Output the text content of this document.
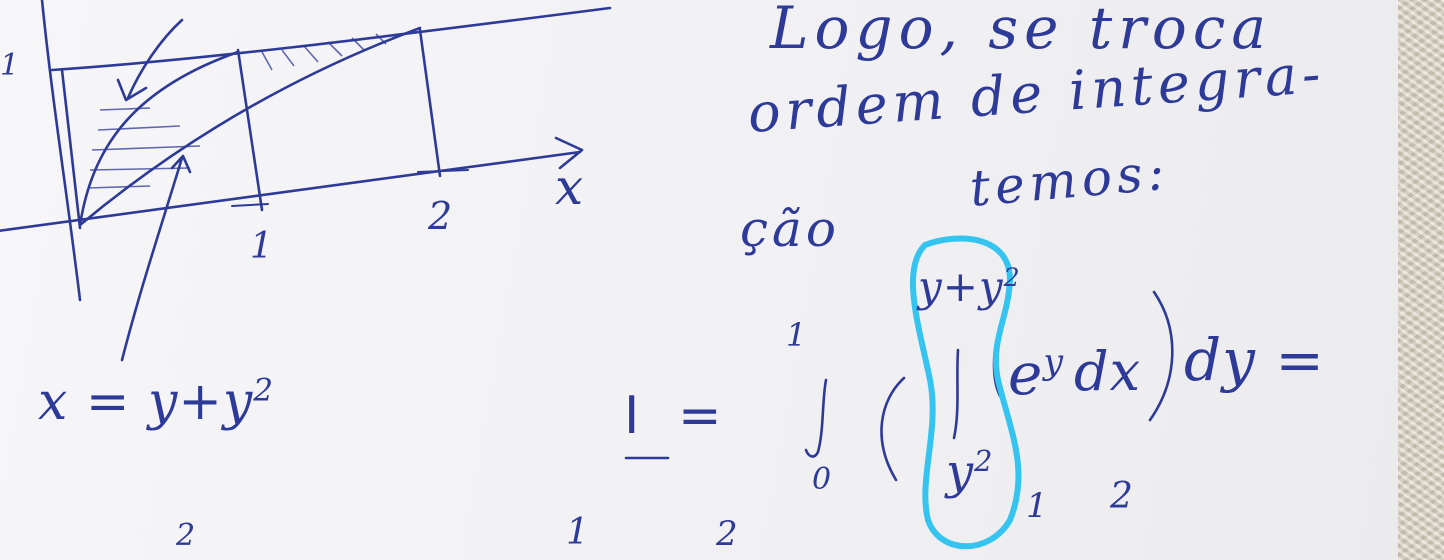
x
1
2
1
$x = y+y^2$
Logo, se troca
ordem de integra-
ção
temos:
I =
1
0
$y+y^2$
$y^2$
$e^y$ dx dy =
2	1	2
1 2
